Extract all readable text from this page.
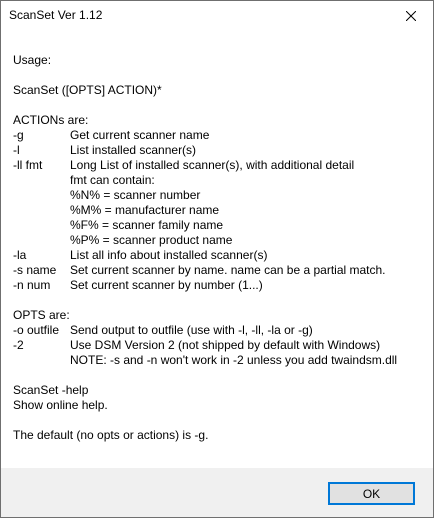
ScanSet Ver 1.12
Usage:
ScanSet ([OPTS] ACTION)*
ACTIONs are:
-g	Get current scanner name
-l	List installed scanner(s)
-ll fmt Long List of installed scanner(s), with additional detail
fmt can contain:
%N% = scanner number
%M% = manufacturer name
%F% = scanner family name
%P% = scanner product name
-la	List all info about installed scanner(s)
-s name Set current scanner by name. name can be a partial match.
-n num Set current scanner by number (1...)
OPTS are:
-o outfile Send output to outfile (use with -l, -ll, -la or -g)
-2	Use DSM Version 2 (not shipped by default with Windows)
NOTE: -s and -n won't work in -2 unless you add twaindsm.dll
ScanSet -help
Show online help.
The default (no opts or actions) is -g.
OK
